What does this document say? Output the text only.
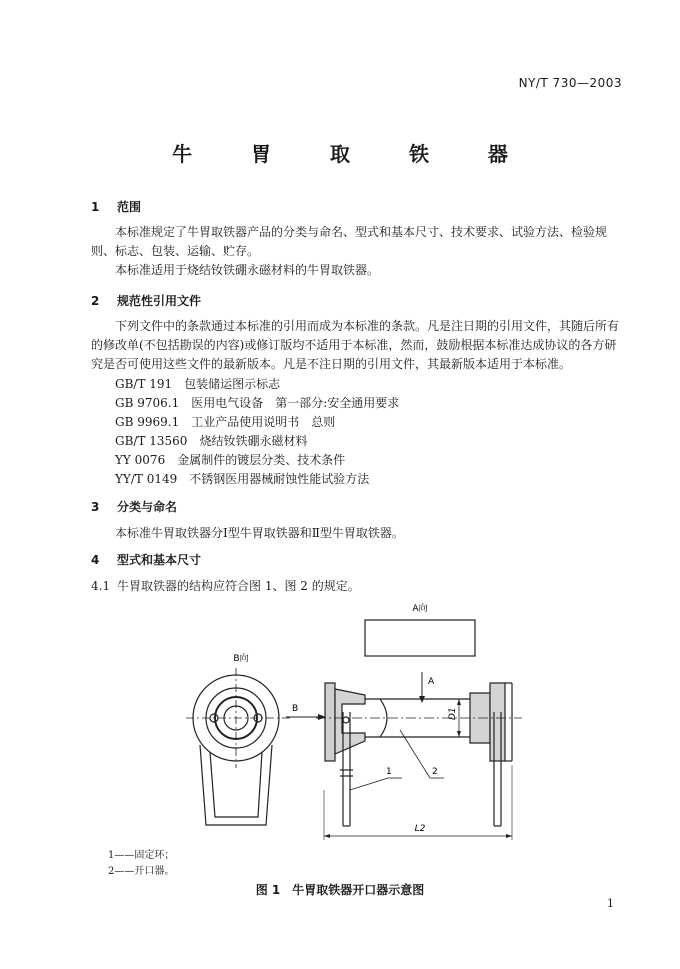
NY/T 730—2003
牛 胃 取 铁 器
1 范围
本标准规定了牛胃取铁器产品的分类与命名、型式和基本尺寸、技术要求、试验方法、检验规则、标志、包装、运输、贮存。
本标准适用于烧结钕铁硼永磁材料的牛胃取铁器。
2 规范性引用文件
下列文件中的条款通过本标准的引用而成为本标准的条款。凡是注日期的引用文件，其随后所有的修改单(不包括勘误的内容)或修订版均不适用于本标准，然而，鼓励根据本标准达成协议的各方研究是否可使用这些文件的最新版本。凡是不注日期的引用文件，其最新版本适用于本标准。
GB/T 191　包装储运图示标志
GB 9706.1　医用电气设备　第一部分:安全通用要求
GB 9969.1　工业产品使用说明书　总则
GB/T 13560　烧结钕铁硼永磁材料
YY 0076　金属制件的镀层分类、技术条件
YY/T 0149　不锈钢医用器械耐蚀性能试验方法
3 分类与命名
本标准牛胃取铁器分Ⅰ型牛胃取铁器和Ⅱ型牛胃取铁器。
4 型式和基本尺寸
4.1 牛胃取铁器的结构应符合图 1、图 2 的规定。
A向
B向
B
A
D1
1	2
L2
1——固定环；
2——开口器。
图 1　牛胃取铁器开口器示意图
1
